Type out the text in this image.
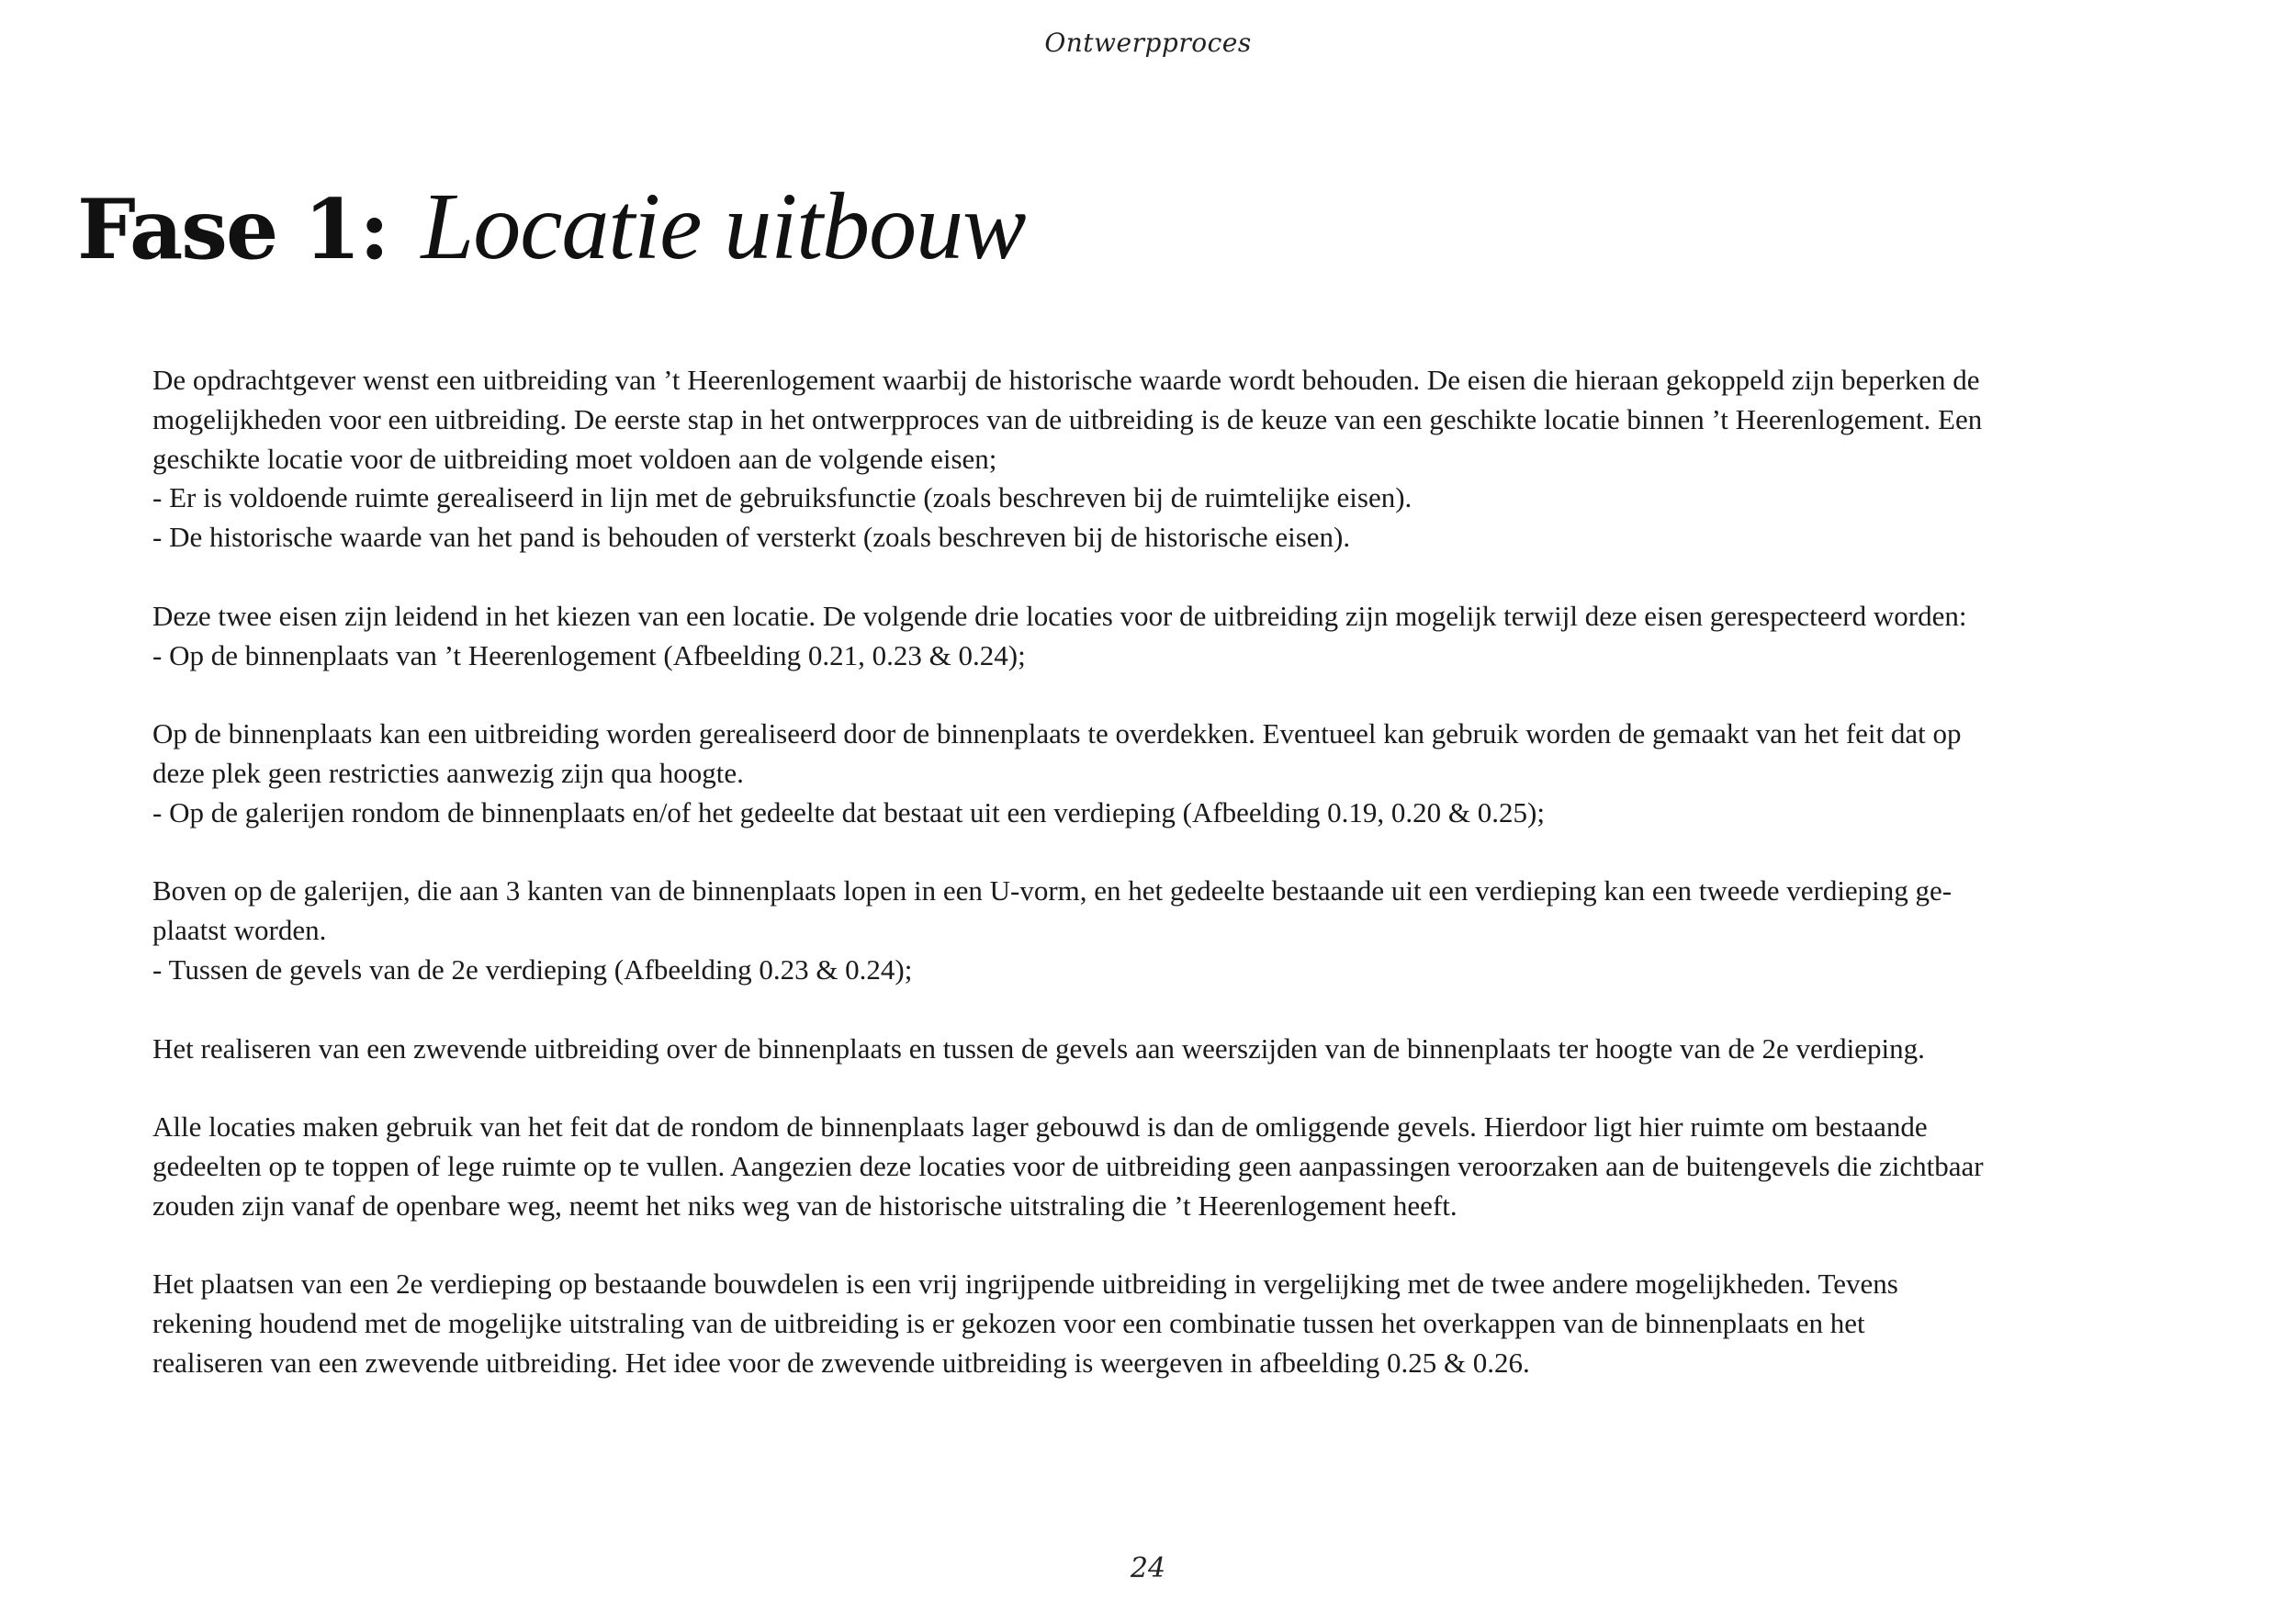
Ontwerpproces
Fase 1: Locatie uitbouw
De opdrachtgever wenst een uitbreiding van ’t Heerenlogement waarbij de historische waarde wordt behouden. De eisen die hieraan gekoppeld zijn beperken de
mogelijkheden voor een uitbreiding. De eerste stap in het ontwerpproces van de uitbreiding is de keuze van een geschikte locatie binnen ’t Heerenlogement. Een
geschikte locatie voor de uitbreiding moet voldoen aan de volgende eisen;
- Er is voldoende ruimte gerealiseerd in lijn met de gebruiksfunctie (zoals beschreven bij de ruimtelijke eisen).
- De historische waarde van het pand is behouden of versterkt (zoals beschreven bij de historische eisen).
Deze twee eisen zijn leidend in het kiezen van een locatie. De volgende drie locaties voor de uitbreiding zijn mogelijk terwijl deze eisen gerespecteerd worden:
- Op de binnenplaats van ’t Heerenlogement (Afbeelding 0.21, 0.23 & 0.24);
Op de binnenplaats kan een uitbreiding worden gerealiseerd door de binnenplaats te overdekken. Eventueel kan gebruik worden de gemaakt van het feit dat op
deze plek geen restricties aanwezig zijn qua hoogte.
- Op de galerijen rondom de binnenplaats en/of het gedeelte dat bestaat uit een verdieping (Afbeelding 0.19, 0.20 & 0.25);
Boven op de galerijen, die aan 3 kanten van de binnenplaats lopen in een U-vorm, en het gedeelte bestaande uit een verdieping kan een tweede verdieping ge-
plaatst worden.
- Tussen de gevels van de 2e verdieping (Afbeelding 0.23 & 0.24);
Het realiseren van een zwevende uitbreiding over de binnenplaats en tussen de gevels aan weerszijden van de binnenplaats ter hoogte van de 2e verdieping.
Alle locaties maken gebruik van het feit dat de rondom de binnenplaats lager gebouwd is dan de omliggende gevels. Hierdoor ligt hier ruimte om bestaande
gedeelten op te toppen of lege ruimte op te vullen. Aangezien deze locaties voor de uitbreiding geen aanpassingen veroorzaken aan de buitengevels die zichtbaar
zouden zijn vanaf de openbare weg, neemt het niks weg van de historische uitstraling die ’t Heerenlogement heeft.
Het plaatsen van een 2e verdieping op bestaande bouwdelen is een vrij ingrijpende uitbreiding in vergelijking met de twee andere mogelijkheden. Tevens
rekening houdend met de mogelijke uitstraling van de uitbreiding is er gekozen voor een combinatie tussen het overkappen van de binnenplaats en het
realiseren van een zwevende uitbreiding. Het idee voor de zwevende uitbreiding is weergeven in afbeelding 0.25 & 0.26.
24
